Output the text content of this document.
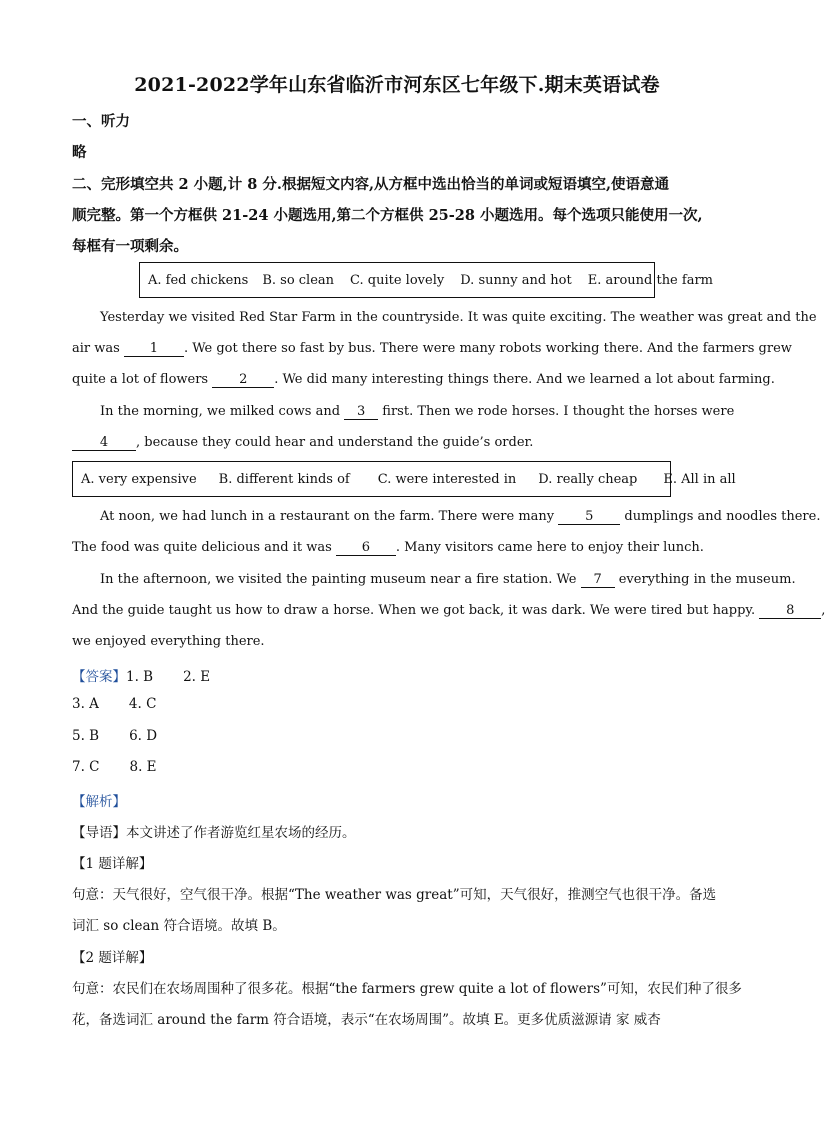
2021-2022学年山东省临沂市河东区七年级下.期末英语试卷
一、听力
略
二、完形填空共 2 小题,计 8 分.根据短文内容,从方框中选出恰当的单词或短语填空,使语意通
顺完整。第一个方框供 21-24 小题选用,第二个方框供 25-28 小题选用。每个选项只能使用一次,
每框有一项剩余。
A. fed chickens B. so clean C. quite lovely D. sunny and hot E. around the farm
Yesterday we visited Red Star Farm in the countryside. It was quite exciting. The weather was great and the
air was 1 . We got there so fast by bus. There were many robots working there. And the farmers grew
quite a lot of flowers 2 . We did many interesting things there. And we learned a lot about farming.
In the morning, we milked cows and 3 first. Then we rode horses. I thought the horses were
4 , because they could hear and understand the guide’s order.
A. very expensive B. different kinds of C. were interested in D. really cheap E. All in all
At noon, we had lunch in a restaurant on the farm. There were many 5 dumplings and noodles there.
The food was quite delicious and it was 6 . Many visitors came here to enjoy their lunch.
In the afternoon, we visited the painting museum near a fire station. We 7 everything in the museum.
And the guide taught us how to draw a horse. When we got back, it was dark. We were tired but happy. 8
we enjoyed everything there.
【答案】1. B 2. E
3. A 4. C
5. B 6. D
7. C 8. E
【解析】
【导语】本文讲述了作者游览红星农场的经历。
【1 题详解】
句意：天气很好，空气很干净。根据“The weather was great”可知，天气很好，推测空气也很干净。备选
词汇 so clean 符合语境。故填 B。
【2 题详解】
句意：农民们在农场周围种了很多花。根据“the farmers grew quite a lot of flowers”可知，农民们种了很多
花，备选词汇 around the farm 符合语境，表示“在农场周围”。故填 E。更多优质滋源请 家 威杏
